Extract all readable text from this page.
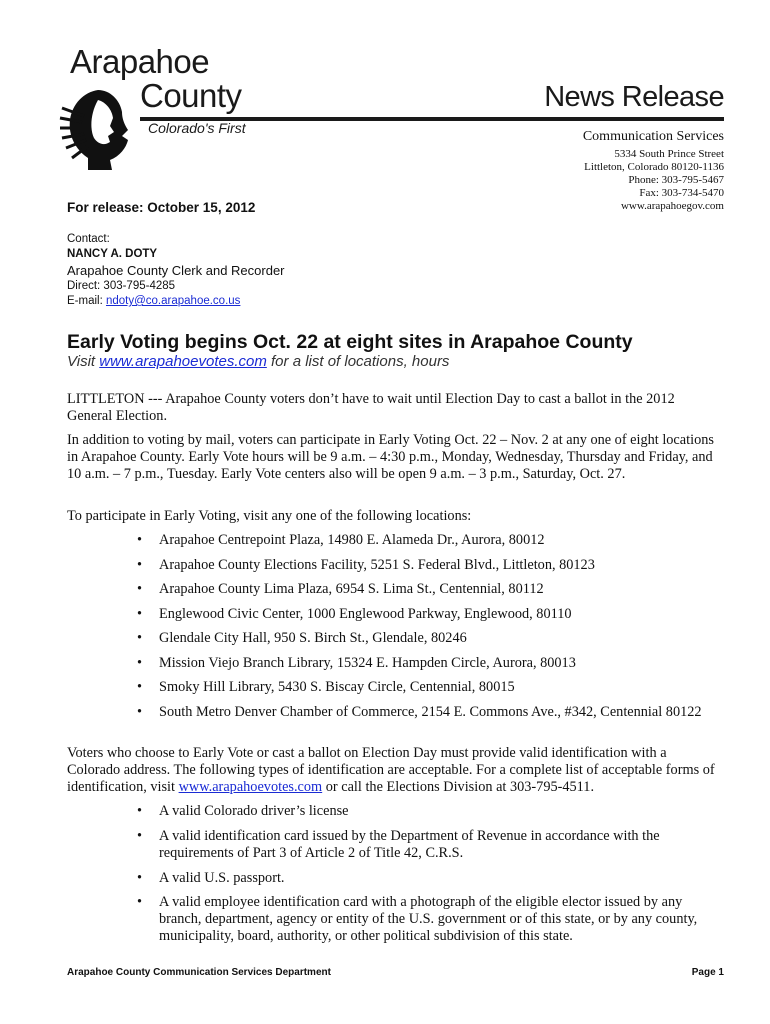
Arapahoe
County
Colorado's First
News Release
Communication Services
5334 South Prince Street
Littleton, Colorado 80120-1136
Phone: 303-795-5467
Fax: 303-734-5470
www.arapahoegov.com
For release: October 15, 2012
Contact:
NANCY A. DOTY
Arapahoe County Clerk and Recorder
Direct: 303-795-4285
E-mail: ndoty@co.arapahoe.co.us
Early Voting begins Oct. 22 at eight sites in Arapahoe County
Visit www.arapahoevotes.com for a list of locations, hours
LITTLETON --- Arapahoe County voters don’t have to wait until Election Day to cast a ballot in the 2012 General Election.
In addition to voting by mail, voters can participate in Early Voting Oct. 22 – Nov. 2 at any one of eight locations in Arapahoe County. Early Vote hours will be 9 a.m. – 4:30 p.m., Monday, Wednesday, Thursday and Friday, and 10 a.m. – 7 p.m., Tuesday. Early Vote centers also will be open 9 a.m. – 3 p.m., Saturday, Oct. 27.
To participate in Early Voting, visit any one of the following locations:
• Arapahoe Centrepoint Plaza, 14980 E. Alameda Dr., Aurora, 80012
• Arapahoe County Elections Facility, 5251 S. Federal Blvd., Littleton, 80123
• Arapahoe County Lima Plaza, 6954 S. Lima St., Centennial, 80112
• Englewood Civic Center, 1000 Englewood Parkway, Englewood, 80110
• Glendale City Hall, 950 S. Birch St., Glendale, 80246
• Mission Viejo Branch Library, 15324 E. Hampden Circle, Aurora, 80013
• Smoky Hill Library, 5430 S. Biscay Circle, Centennial, 80015
• South Metro Denver Chamber of Commerce, 2154 E. Commons Ave., #342, Centennial 80122
Voters who choose to Early Vote or cast a ballot on Election Day must provide valid identification with a Colorado address. The following types of identification are acceptable. For a complete list of acceptable forms of identification, visit www.arapahoevotes.com or call the Elections Division at 303-795-4511.
• A valid Colorado driver’s license
• A valid identification card issued by the Department of Revenue in accordance with the requirements of Part 3 of Article 2 of Title 42, C.R.S.
• A valid U.S. passport.
• A valid employee identification card with a photograph of the eligible elector issued by any branch, department, agency or entity of the U.S. government or of this state, or by any county, municipality, board, authority, or other political subdivision of this state.
Arapahoe County Communication Services Department	Page 1
